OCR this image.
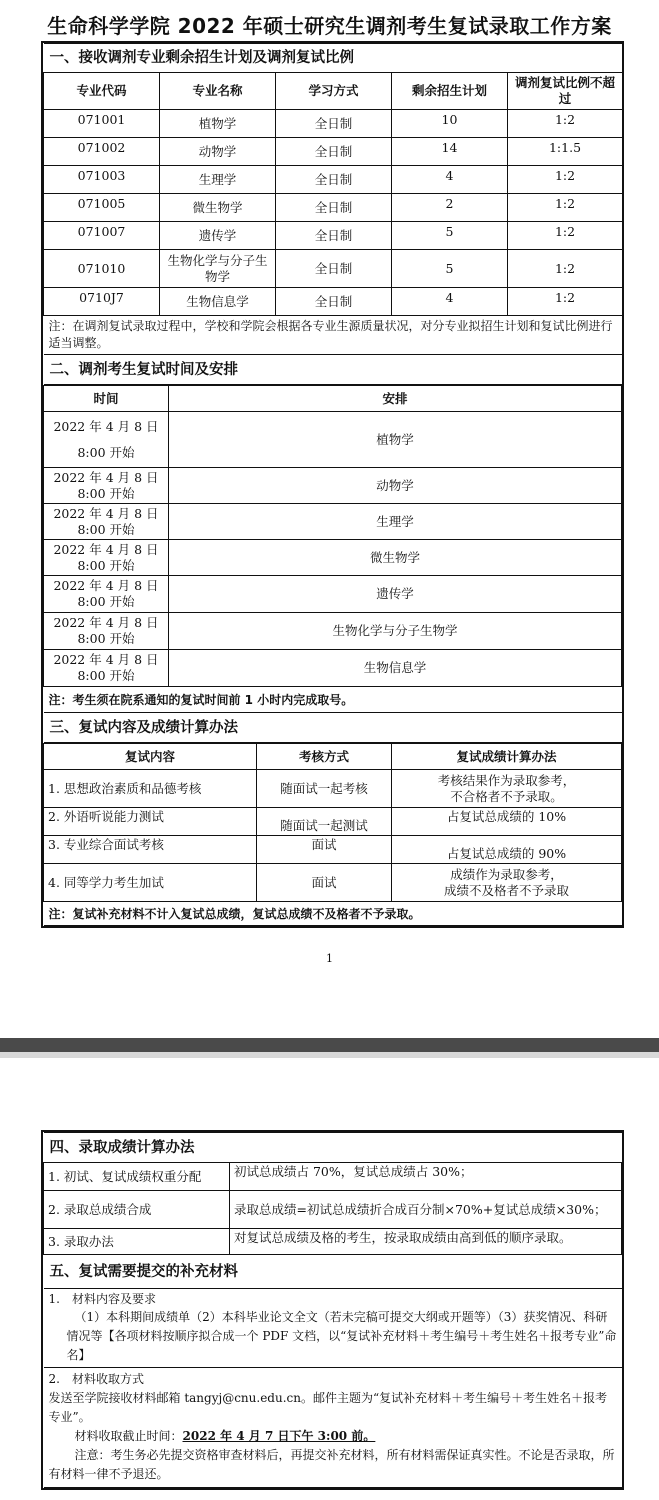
生命科学学院 2022 年硕士研究生调剂考生复试录取工作方案
一、接收调剂专业剩余招生计划及调剂复试比例				
专业代码	专业名称	学习方式	剩余招生计划	调剂复试比例不超过
071001	植物学	全日制	10	1:2
071002	动物学	全日制	14	1:1.5
071003	生理学	全日制	4	1:2
071005	微生物学	全日制	2	1:2
071007	遗传学	全日制	5	1:2
071010	生物化学与分子生物学	全日制	5	1:2
0710J7	生物信息学	全日制	4	1:2
注：在调剂复试录取过程中，学校和学院会根据各专业生源质量状况，对分专业拟招生计划和复试比例进行适当调整。				
二、调剂考生复试时间及安排				
时间	安排

2022 年 4 月 8 日
8:00 开始	植物学

2022 年 4 月 8 日
8:00 开始	动物学

2022 年 4 月 8 日
8:00 开始	生理学

2022 年 4 月 8 日
8:00 开始	微生物学

2022 年 4 月 8 日
8:00 开始	遗传学

2022 年 4 月 8 日
8:00 开始	生物化学与分子生物学

2022 年 4 月 8 日
8:00 开始	生物信息学
注：考生须在院系通知的复试时间前 1 小时内完成取号。	
三、复试内容及成绩计算办法	
复试内容	考核方式	复试成绩计算办法
1. 思想政治素质和品德考核	随面试一起考核	考核结果作为录取参考，
不合格者不予录取。

2. 外语听说能力测试	随面试一起测试	占复试总成绩的 10%
3. 专业综合面试考核	面试	占复试总成绩的 90%
4. 同等学力考生加试	面试	成绩作为录取参考，
成绩不及格者不予录取

注：复试补充材料不计入复试总成绩，复试总成绩不及格者不予录取。		
1
四、录取成绩计算办法	
1. 初试、复试成绩权重分配	初试总成绩占 70%，复试总成绩占 30%；
2. 录取总成绩合成	录取总成绩=初试总成绩折合成百分制×70%+复试总成绩×30%；
3. 录取办法	对复试总成绩及格的考生，按录取成绩由高到低的顺序录取。
五、复试需要提交的补充材料	

1.　材料内容及要求
（1）本科期间成绩单（2）本科毕业论文全文（若未完稿可提交大纲或开题等）（3）获奖情况、科研情况等【各项材料按顺序拟合成一个 PDF 文档，以“复试补充材料＋考生编号＋考生姓名＋报考专业”命名】	

2.　材料收取方式
发送至学院接收材料邮箱 tangyj@cnu.edu.cn。邮件主题为“复试补充材料＋考生编号＋考生姓名＋报考专业”。
材料收取截止时间：2022 年 4 月 7 日下午 3:00 前。
注意：考生务必先提交资格审查材料后，再提交补充材料，所有材料需保证真实性。不论是否录取，所有材料一律不予退还。	
